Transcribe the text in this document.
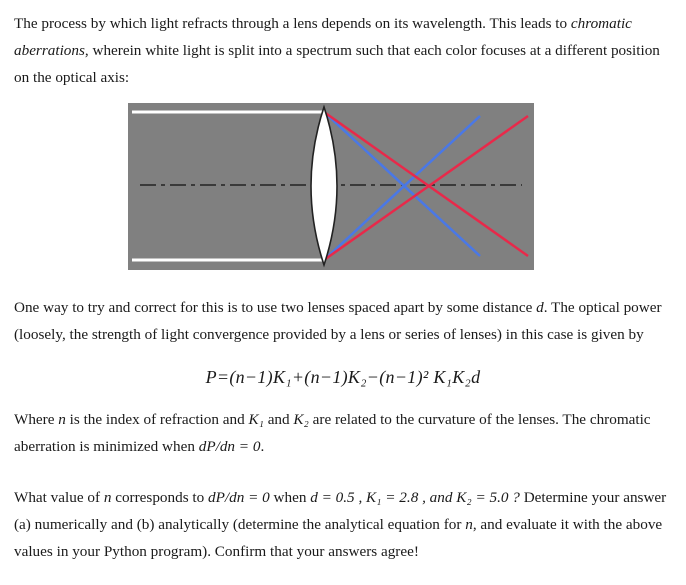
The process by which light refracts through a lens depends on its wavelength. This leads to chromatic aberrations, wherein white light is split into a spectrum such that each color focuses at a different position on the optical axis:
One way to try and correct for this is to use two lenses spaced apart by some distance d. The optical power (loosely, the strength of light convergence provided by a lens or series of lenses) in this case is given by
P=(n−1)K₁+(n−1)K₂−(n−1)² K₁K₂d
Where n is the index of refraction and K₁ and K₂ are related to the curvature of the lenses. The chromatic aberration is minimized when dP/dn = 0.
What value of n corresponds to dP/dn = 0 when d = 0.5 , K₁ = 2.8 , and K₂ = 5.0 ? Determine your answer (a) numerically and (b) analytically (determine the analytical equation for n, and evaluate it with the above values in your Python program). Confirm that your answers agree!
